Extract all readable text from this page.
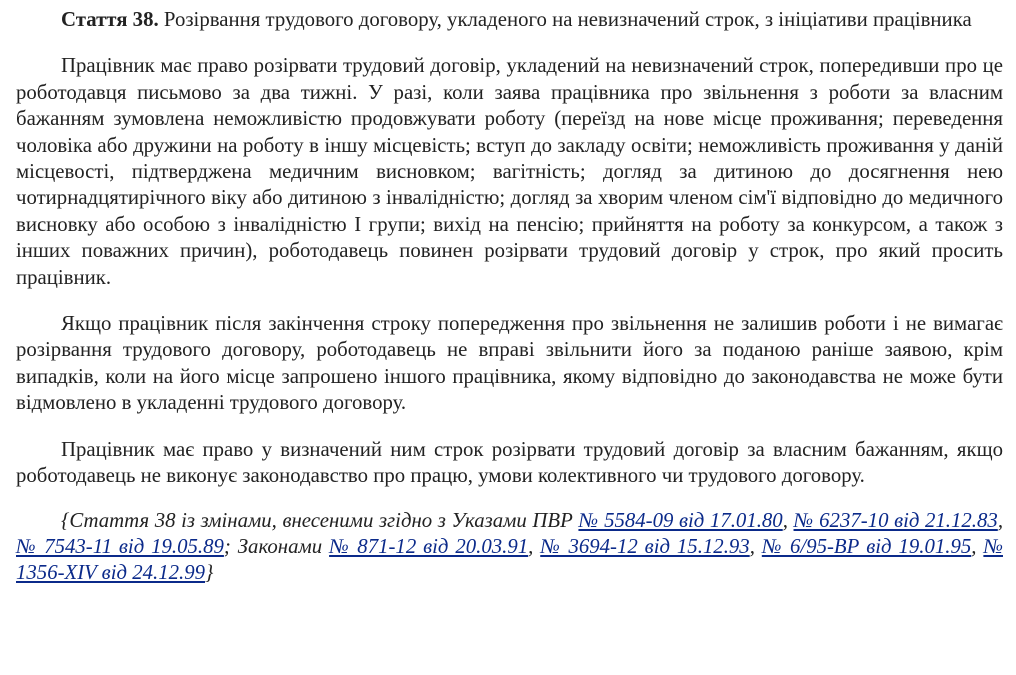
Стаття 38. Розірвання трудового договору, укладеного на невизначений строк, з ініціативи працівника

Працівник має право розірвати трудовий договір, укладений на невизначений строк, попередивши про це роботодавця письмово за два тижні. У разі, коли заява працівника про звільнення з роботи за власним бажанням зумовлена неможливістю продовжувати роботу (переїзд на нове місце проживання; переведення чоловіка або дружини на роботу в іншу місцевість; вступ до закладу освіти; неможливість проживання у даній місцевості, підтверджена медичним висновком; вагітність; догляд за дитиною до досягнення нею чотирнадцятирічного віку або дитиною з інвалідністю; догляд за хворим членом сім'ї відповідно до медичного висновку або особою з інвалідністю I групи; вихід на пенсію; прийняття на роботу за конкурсом, а також з інших поважних причин), роботодавець повинен розірвати трудовий договір у строк, про який просить працівник.

Якщо працівник після закінчення строку попередження про звільнення не залишив роботи і не вимагає розірвання трудового договору, роботодавець не вправі звільнити його за поданою раніше заявою, крім випадків, коли на його місце запрошено іншого працівника, якому відповідно до законодавства не може бути відмовлено в укладенні трудового договору.

Працівник має право у визначений ним строк розірвати трудовий договір за власним бажанням, якщо роботодавець не виконує законодавство про працю, умови колективного чи трудового договору.

{Стаття 38 із змінами, внесеними згідно з Указами ПВР № 5584-09 від 17.01.80, № 6237-10 від 21.12.83, № 7543-11 від 19.05.89; Законами № 871-12 від 20.03.91, № 3694-12 від 15.12.93, № 6/95-ВР від 19.01.95, № 1356-XIV від 24.12.99}
